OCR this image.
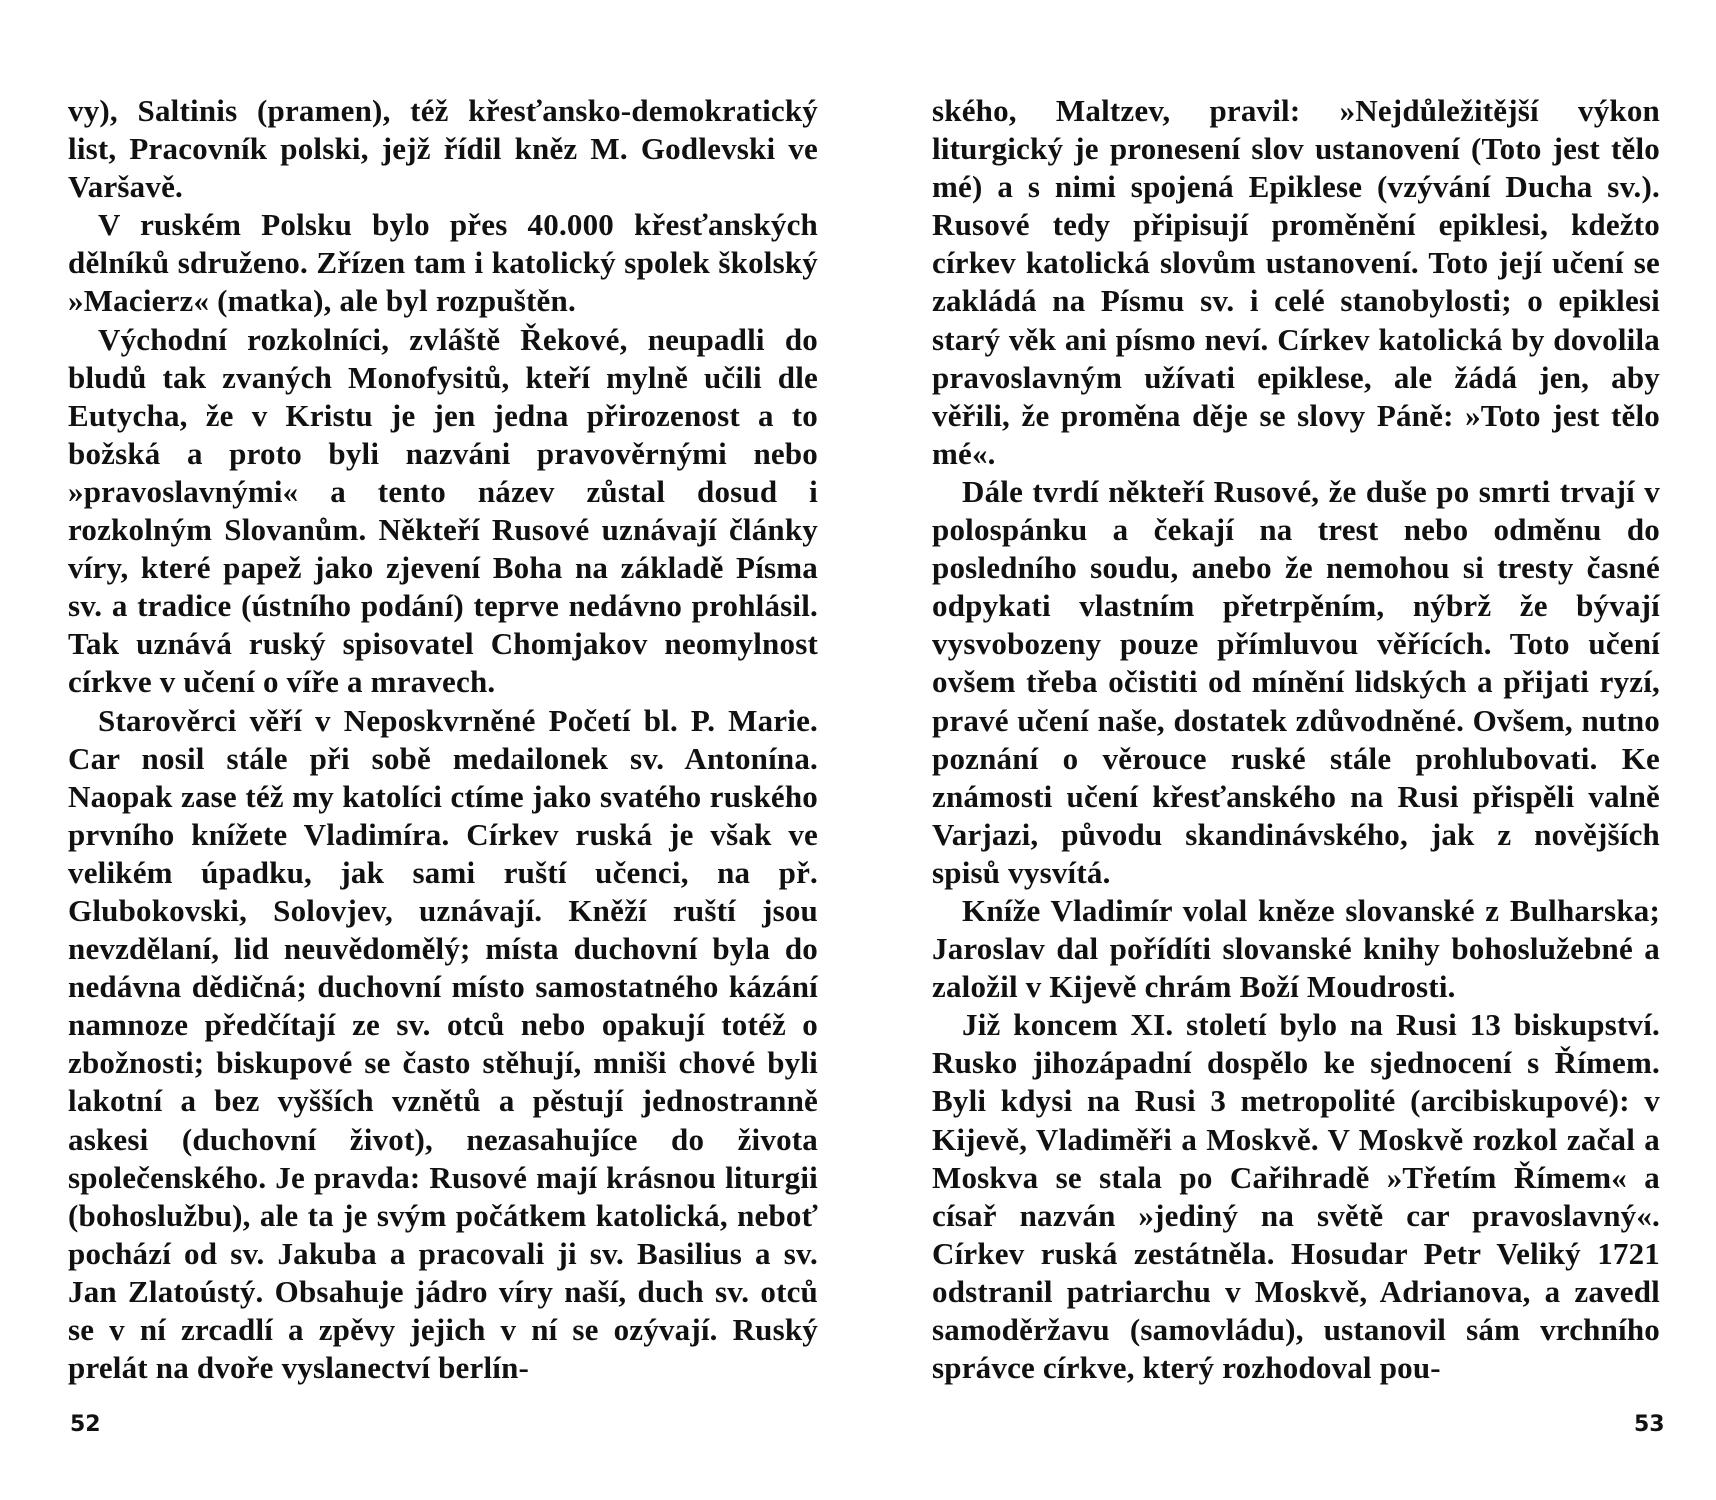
vy), Saltinis (pramen), též křesťansko-demokratický list, Pracovník polski, jejž řídil kněz M. Godlevski ve Varšavě.

V ruském Polsku bylo přes 40.000 křesťanských dělníků sdruženo. Zřízen tam i katolický spolek školský »Macierz« (matka), ale byl rozpuštěn.

Východní rozkolníci, zvláště Řekové, neupadli do bludů tak zvaných Monofysitů, kteří mylně učili dle Eutycha, že v Kristu je jen jedna přirozenost a to božská a proto byli nazváni pravověrnými nebo »pravoslavnými« a tento název zůstal dosud i rozkolným Slovanům. Někteří Rusové uznávají články víry, které papež jako zjevení Boha na základě Písma sv. a tradice (ústního podání) teprve nedávno prohlásil. Tak uznává ruský spisovatel Chomjakov neomylnost církve v učení o víře a mravech.

Starověrci věří v Neposkvrněné Početí bl. P. Marie. Car nosil stále při sobě medailonek sv. Antonína. Naopak zase též my katolíci ctíme jako svatého ruského prvního knížete Vladimíra. Církev ruská je však ve velikém úpadku, jak sami ruští učenci, na př. Glubokovski, Solovjev, uznávají. Kněží ruští jsou nevzdělaní, lid neuvědomělý; místa duchovní byla do nedávna dědičná; duchovní místo samostatného kázání namnoze předčítají ze sv. otců nebo opakují totéž o zbožnosti; biskupové se často stěhují, mniši chové byli lakotní a bez vyšších vznětů a pěstují jednostranně askesi (duchovní život), nezasahujíce do života společenského. Je pravda: Rusové mají krásnou liturgii (bohoslužbu), ale ta je svým počátkem katolická, neboť pochází od sv. Jakuba a pracovali ji sv. Basilius a sv. Jan Zlatoústý. Obsahuje jádro víry naší, duch sv. otců se v ní zrcadlí a zpěvy jejich v ní se ozývají. Ruský prelát na dvoře vyslanectví berlín-

52

ského, Maltzev, pravil: »Nejdůležitější výkon liturgický je pronesení slov ustanovení (Toto jest tělo mé) a s nimi spojená Epiklese (vzývání Ducha sv.). Rusové tedy připisují proměnění epiklesi, kdežto církev katolická slovům ustanovení. Toto její učení se zakládá na Písmu sv. i celé stanobylosti; o epiklesi starý věk ani písmo neví. Církev katolická by dovolila pravoslavným užívati epiklese, ale žádá jen, aby věřili, že proměna děje se slovy Páně: »Toto jest tělo mé«.

Dále tvrdí někteří Rusové, že duše po smrti trvají v polospánku a čekají na trest nebo odměnu do posledního soudu, anebo že nemohou si tresty časné odpykati vlastním přetrpěním, nýbrž že bývají vysvobozeny pouze přímluvou věřících. Toto učení ovšem třeba očistiti od mínění lidských a přijati ryzí, pravé učení naše, dostatek zdůvodněné. Ovšem, nutno poznání o věrouce ruské stále prohlubovati. Ke známosti učení křesťanského na Rusi přispěli valně Varjazi, původu skandinávského, jak z novějších spisů vysvítá.

Kníže Vladimír volal kněze slovanské z Bulharska; Jaroslav dal pořídíti slovanské knihy bohoslužebné a založil v Kijevě chrám Boží Moudrosti.

Již koncem XI. století bylo na Rusi 13 biskupství. Rusko jihozápadní dospělo ke sjednocení s Římem. Byli kdysi na Rusi 3 metropolité (arcibiskupové): v Kijevě, Vladiměři a Moskvě. V Moskvě rozkol začal a Moskva se stala po Cařihradě »Třetím Římem« a císař nazván »jediný na světě car pravoslavný«. Církev ruská zestátněla. Hosudar Petr Veliký 1721 odstranil patriarchu v Moskvě, Adrianova, a zavedl samoděržavu (samovládu), ustanovil sám vrchního správce církve, který rozhodoval pou-

53
